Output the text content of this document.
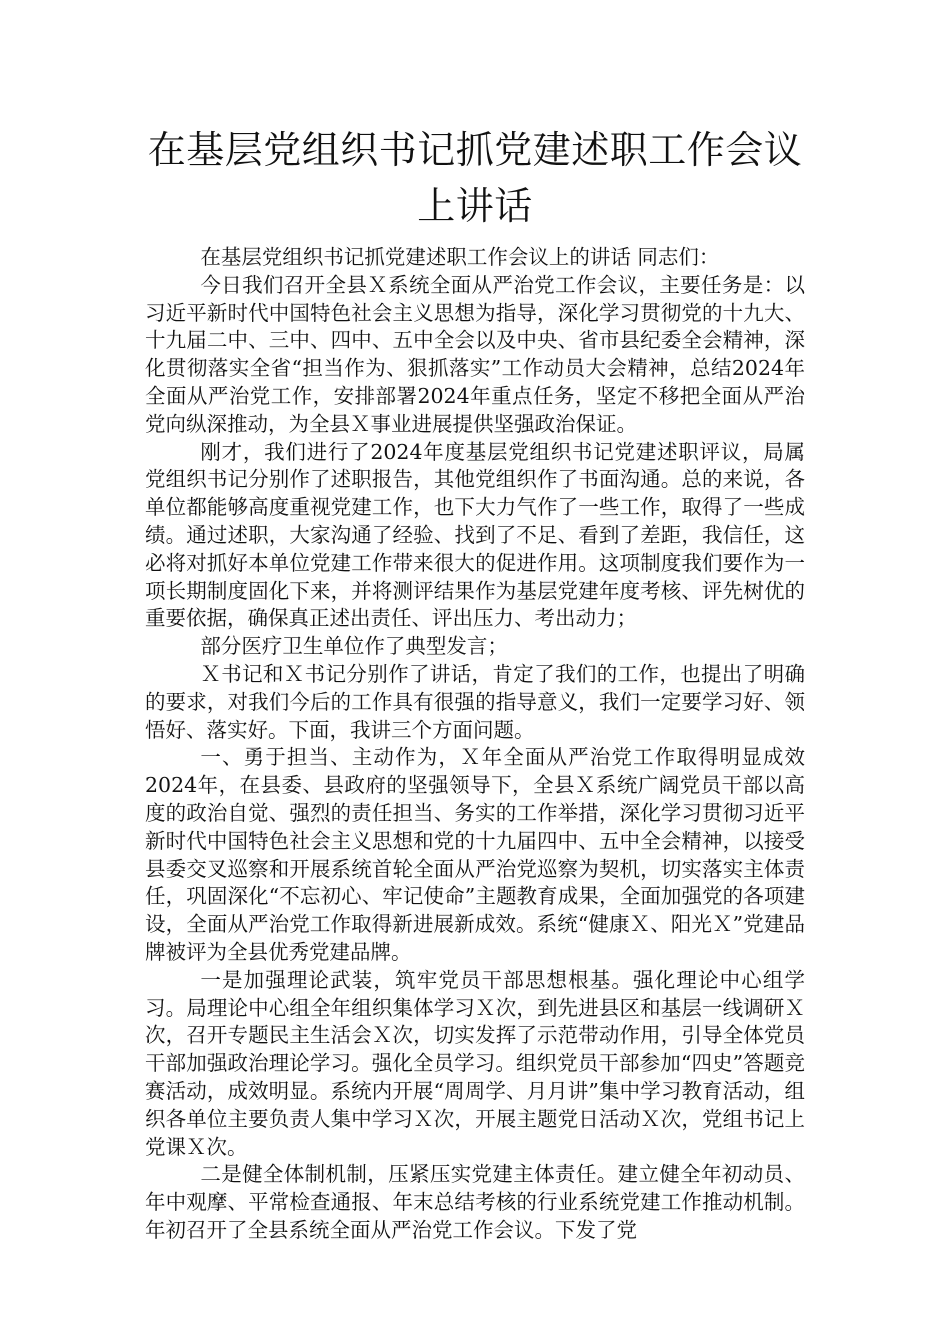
在基层党组织书记抓党建述职工作会议上讲话

在基层党组织书记抓党建述职工作会议上的讲话 同志们：

今日我们召开全县Ｘ系统全面从严治党工作会议，主要任务是：以习近平新时代中国特色社会主义思想为指导，深化学习贯彻党的十九大、十九届二中、三中、四中、五中全会以及中央、省市县纪委全会精神，深化贯彻落实全省“担当作为、狠抓落实”工作动员大会精神，总结2024年全面从严治党工作，安排部署2024年重点任务，坚定不移把全面从严治党向纵深推动，为全县Ｘ事业进展提供坚强政治保证。

刚才，我们进行了2024年度基层党组织书记党建述职评议，局属党组织书记分别作了述职报告，其他党组织作了书面沟通。总的来说，各单位都能够高度重视党建工作，也下大力气作了一些工作，取得了一些成绩。通过述职，大家沟通了经验、找到了不足、看到了差距，我信任，这必将对抓好本单位党建工作带来很大的促进作用。这项制度我们要作为一项长期制度固化下来，并将测评结果作为基层党建年度考核、评先树优的重要依据，确保真正述出责任、评出压力、考出动力；

部分医疗卫生单位作了典型发言；

Ｘ书记和Ｘ书记分别作了讲话，肯定了我们的工作，也提出了明确的要求，对我们今后的工作具有很强的指导意义，我们一定要学习好、领悟好、落实好。下面，我讲三个方面问题。

一、勇于担当、主动作为，Ｘ年全面从严治党工作取得明显成效 2024年，在县委、县政府的坚强领导下，全县Ｘ系统广阔党员干部以高度的政治自觉、强烈的责任担当、务实的工作举措，深化学习贯彻习近平新时代中国特色社会主义思想和党的十九届四中、五中全会精神，以接受县委交叉巡察和开展系统首轮全面从严治党巡察为契机，切实落实主体责任，巩固深化“不忘初心、牢记使命”主题教育成果，全面加强党的各项建设，全面从严治党工作取得新进展新成效。系统“健康Ｘ、阳光Ｘ”党建品牌被评为全县优秀党建品牌。

一是加强理论武装，筑牢党员干部思想根基。强化理论中心组学习。局理论中心组全年组织集体学习Ｘ次，到先进县区和基层一线调研Ｘ次，召开专题民主生活会Ｘ次，切实发挥了示范带动作用，引导全体党员干部加强政治理论学习。强化全员学习。组织党员干部参加“四史”答题竞赛活动，成效明显。系统内开展“周周学、月月讲”集中学习教育活动，组织各单位主要负责人集中学习Ｘ次，开展主题党日活动Ｘ次，党组书记上党课Ｘ次。

二是健全体制机制，压紧压实党建主体责任。建立健全年初动员、年中观摩、平常检查通报、年末总结考核的行业系统党建工作推动机制。年初召开了全县系统全面从严治党工作会议。下发了党
